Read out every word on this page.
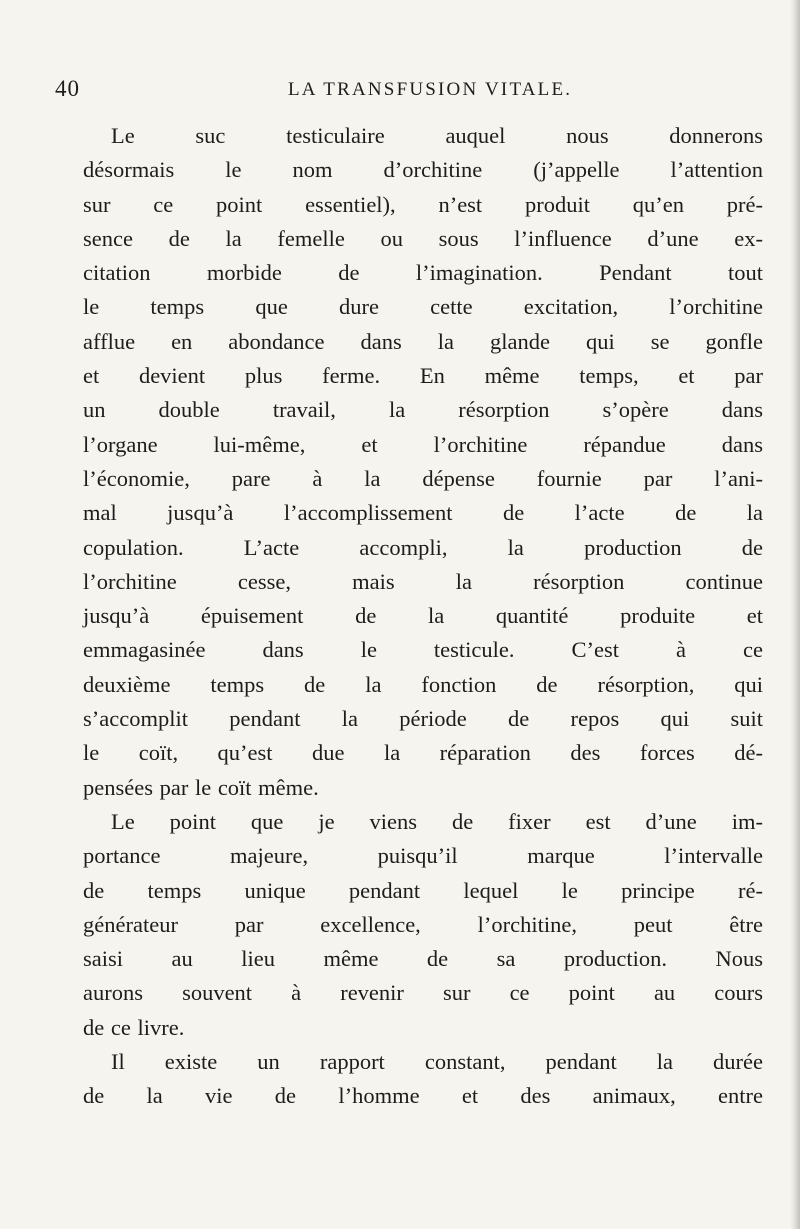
40	LA TRANSFUSION VITALE.
Le suc testiculaire auquel nous donnerons
désormais le nom d’orchitine (j’appelle l’attention
sur ce point essentiel), n’est produit qu’en pré-
sence de la femelle ou sous l’influence d’une ex-
citation morbide de l’imagination. Pendant tout
le temps que dure cette excitation, l’orchitine
afflue en abondance dans la glande qui se gonfle
et devient plus ferme. En même temps, et par
un double travail, la résorption s’opère dans
l’organe lui-même, et l’orchitine répandue dans
l’économie, pare à la dépense fournie par l’ani-
mal jusqu’à l’accomplissement de l’acte de la
copulation. L’acte accompli, la production de
l’orchitine cesse, mais la résorption continue
jusqu’à épuisement de la quantité produite et
emmagasinée dans le testicule. C’est à ce
deuxième temps de la fonction de résorption, qui
s’accomplit pendant la période de repos qui suit
le coït, qu’est due la réparation des forces dé-
pensées par le coït même.
Le point que je viens de fixer est d’une im-
portance majeure, puisqu’il marque l’intervalle
de temps unique pendant lequel le principe ré-
générateur par excellence, l’orchitine, peut être
saisi au lieu même de sa production. Nous
aurons souvent à revenir sur ce point au cours
de ce livre.
Il existe un rapport constant, pendant la durée
de la vie de l’homme et des animaux, entre
